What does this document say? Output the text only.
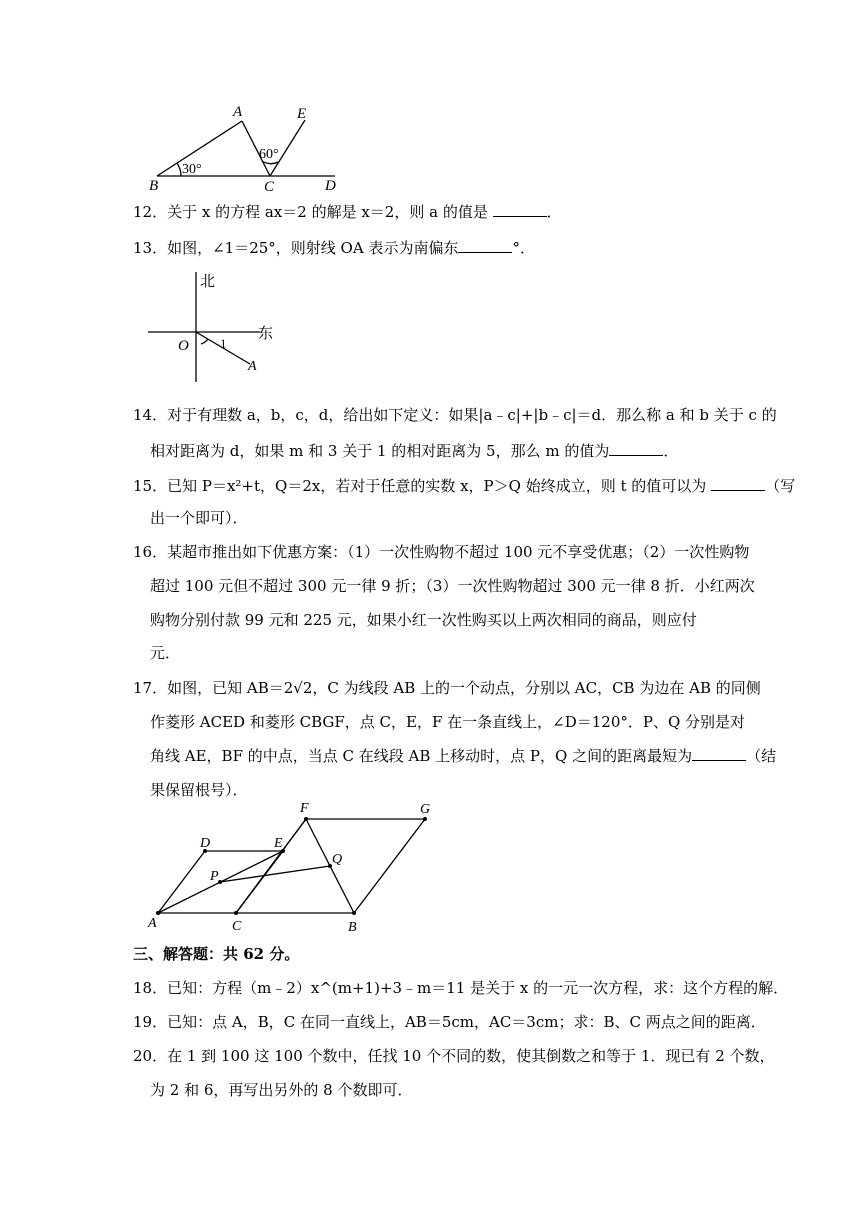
A	E
B	C	D
30°
60°
12．关于 x 的方程 ax＝2 的解是 x＝2，则 a 的值是	．
13．如图，∠1＝25°，则射线 OA 表示为南偏东	°．
北
东
O 1
A
14．对于有理数 a，b，c，d，给出如下定义：如果|a﹣c|+|b﹣c|＝d．那么称 a 和 b 关于 c 的
相对距离为 d，如果 m 和 3 关于 1 的相对距离为 5，那么 m 的值为	．
15．已知 P＝x²+t，Q＝2x，若对于任意的实数 x，P＞Q 始终成立，则 t 的值可以为	（写
出一个即可）．
16．某超市推出如下优惠方案：（1）一次性购物不超过 100 元不享受优惠；（2）一次性购物
超过 100 元但不超过 300 元一律 9 折；（3）一次性购物超过 300 元一律 8 折．小红两次
购物分别付款 99 元和 225 元，如果小红一次性购买以上两次相同的商品，则应付
元．
17．如图，已知 AB＝2√2，C 为线段 AB 上的一个动点，分别以 AC，CB 为边在 AB 的同侧
作菱形 ACED 和菱形 CBGF，点 C，E，F 在一条直线上，∠D＝120°．P、Q 分别是对
角线 AE，BF 的中点，当点 C 在线段 AB 上移动时，点 P，Q 之间的距离最短为	（结
果保留根号）．
F	G
D	E
P
Q
A	C	B
三、解答题：共 62 分。
18．已知：方程（m﹣2）x^(m+1)+3﹣m＝11 是关于 x 的一元一次方程，求：这个方程的解．
19．已知：点 A，B，C 在同一直线上，AB＝5cm，AC＝3cm；求：B、C 两点之间的距离．
20．在 1 到 100 这 100 个数中，任找 10 个不同的数，使其倒数之和等于 1．现已有 2 个数，
为 2 和 6，再写出另外的 8 个数即可．
